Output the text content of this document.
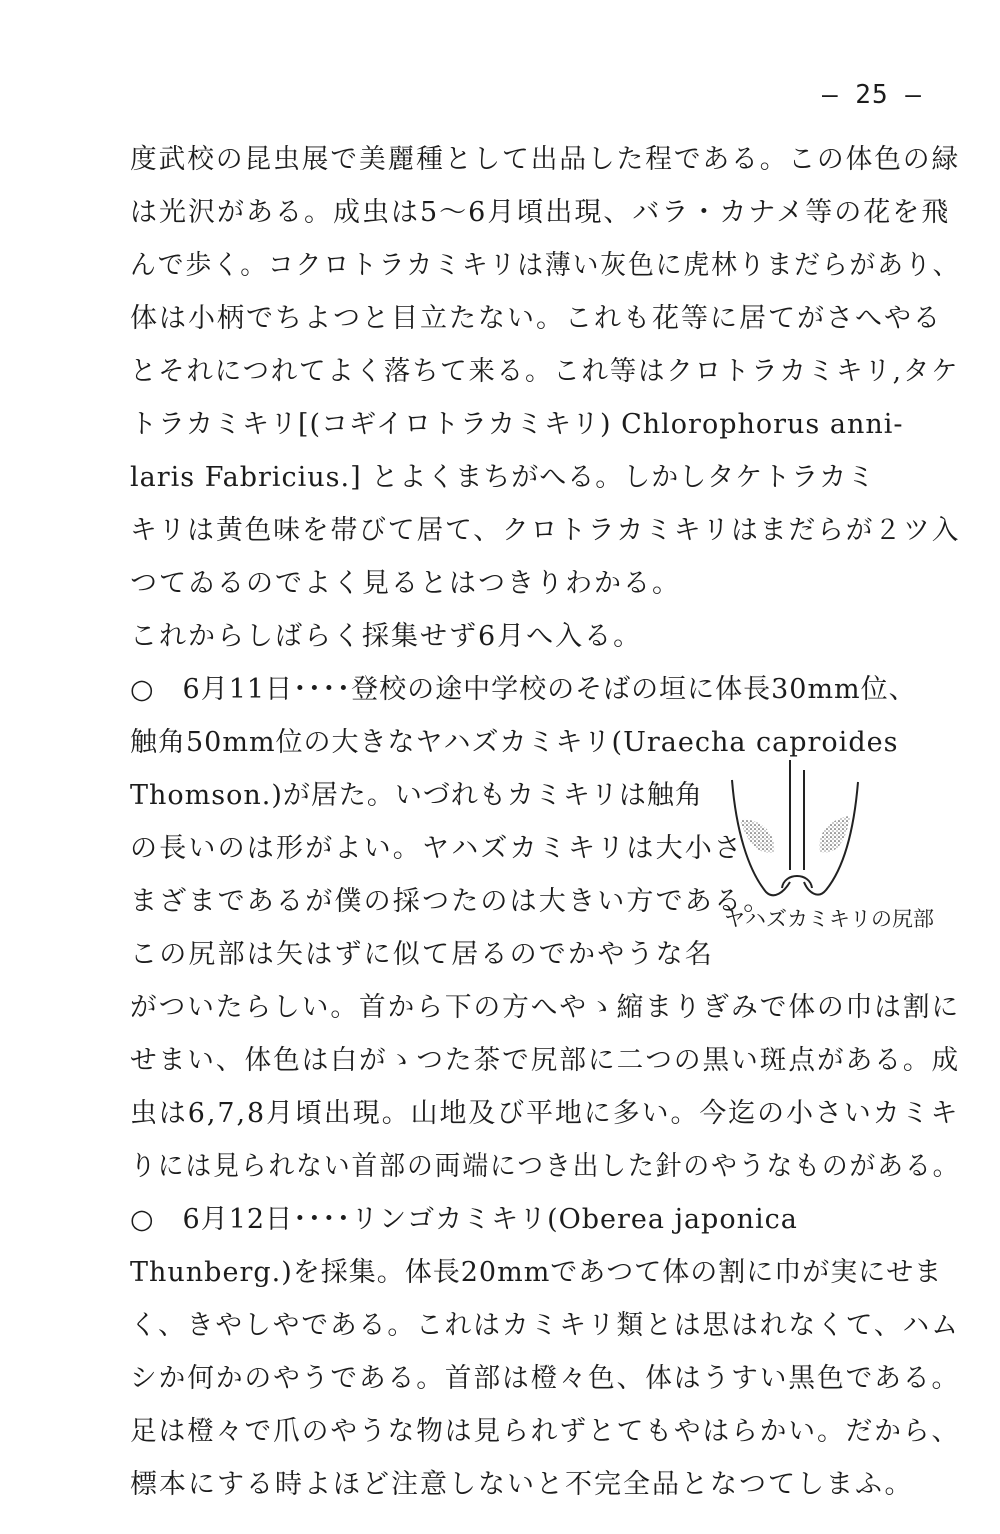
— 25 —
度武校の昆虫展で美麗種として出品した程である。この体色の緑
は光沢がある。成虫は5～6月頃出現、バラ・カナメ等の花を飛
んで歩く。コクロトラカミキリは薄い灰色に虎林りまだらがあり、
体は小柄でちよつと目立たない。これも花等に居てがさへやる
とそれにつれてよく落ちて来る。これ等はクロトラカミキリ,タケ
トラカミキリ[(コギイロトラカミキリ) Chlorophorus anni-
laris Fabricius.] とよくまちがへる。しかしタケトラカミ
キリは黄色味を帯びて居て、クロトラカミキリはまだらが２ツ入
つてゐるのでよく見るとはつきりわかる。
これからしばらく採集せず6月へ入る。
○　6月11日････登校の途中学校のそばの垣に体長30mm位、
触角50mm位の大きなヤハズカミキリ(Uraecha caproides
Thomson.)が居た。いづれもカミキリは触角
の長いのは形がよい。ヤハズカミキリは大小さ
まざまであるが僕の採つたのは大きい方である。
この尻部は矢はずに似て居るのでかやうな名
がついたらしい。首から下の方へやゝ縮まりぎみで体の巾は割に
せまい、体色は白がゝつた茶で尻部に二つの黒い斑点がある。成
虫は6,7,8月頃出現。山地及び平地に多い。今迄の小さいカミキ
りには見られない首部の両端につき出した針のやうなものがある。
○　6月12日････リンゴカミキリ(Oberea japonica
Thunberg.)を採集。体長20mmであつて体の割に巾が実にせま
く、きやしやである。これはカミキリ類とは思はれなくて、ハム
シか何かのやうである。首部は橙々色、体はうすい黒色である。
足は橙々で爪のやうな物は見られずとてもやはらかい。だから、
標本にする時よほど注意しないと不完全品となつてしまふ。
ヤハズカミキリの尻部
